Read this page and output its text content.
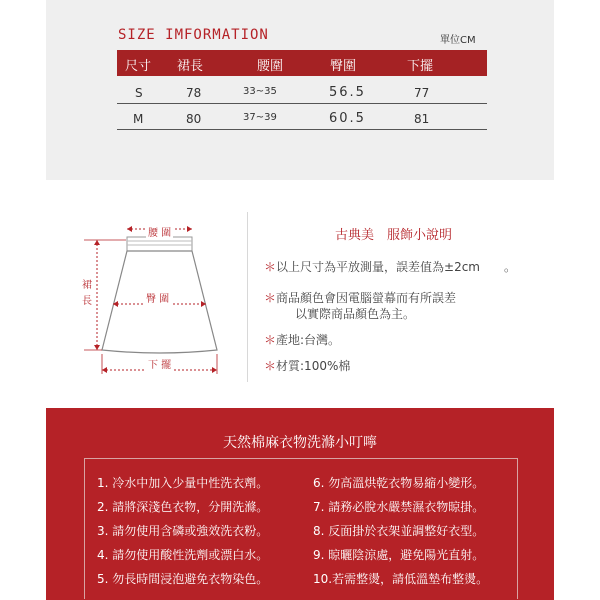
SIZE IMFORMATION	單位CM
尺寸 裙長	腰圍	臀圍	下擺
S	78	33~35	56.5	77
M	80	37~39	60.5	81
腰 圍
臀 圍
裙
長
下 擺
古典美　服飾小說明
＊以上尺寸為平放測量，誤差值為±2cm　　。
＊商品顏色會因電腦螢幕而有所誤差
以實際商品顏色為主。
＊產地:台灣。
＊材質:100%棉
天然棉麻衣物洗滌小叮嚀
1. 冷水中加入少量中性洗衣劑。
2. 請將深淺色衣物，分開洗滌。
3. 請勿使用含磷或強效洗衣粉。
4. 請勿使用酸性洗劑或漂白水。
5. 勿長時間浸泡避免衣物染色。
6. 勿高溫烘乾衣物易縮小變形。
7. 請務必脫水嚴禁濕衣物晾掛。
8. 反面掛於衣架並調整好衣型。
9. 晾曬陰涼處，避免陽光直射。
10.若需整燙，請低溫墊布整燙。
